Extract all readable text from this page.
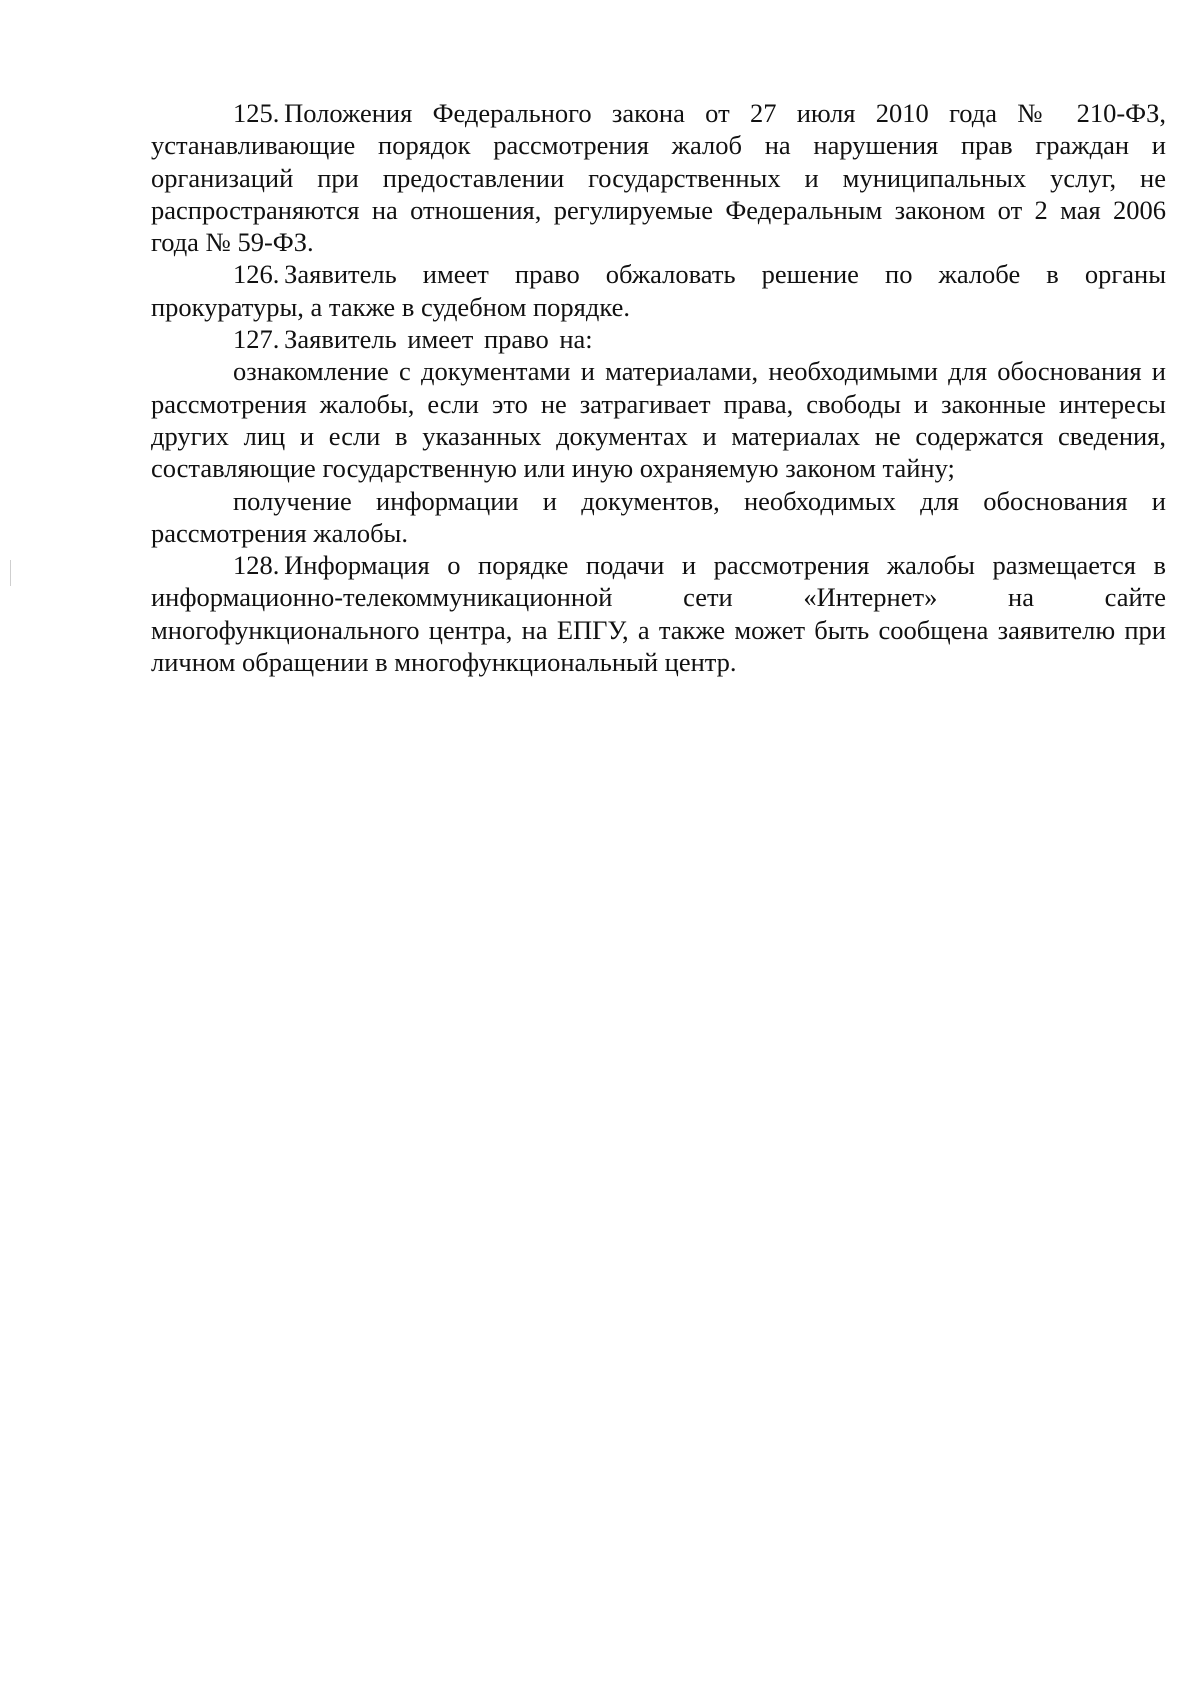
125. Положения Федерального закона от 27 июля 2010 года № 210-ФЗ, устанавливающие порядок рассмотрения жалоб на нарушения прав граждан и организаций при предоставлении государственных и муниципальных услуг, не распространяются на отношения, регулируемые Федеральным законом от 2 мая 2006 года № 59-ФЗ.

126. Заявитель имеет право обжаловать решение по жалобе в органы прокуратуры, а также в судебном порядке.

127. Заявитель имеет право на:

ознакомление с документами и материалами, необходимыми для обоснования и рассмотрения жалобы, если это не затрагивает права, свободы и законные интересы других лиц и если в указанных документах и материалах не содержатся сведения, составляющие государственную или иную охраняемую законом тайну;

получение информации и документов, необходимых для обоснования и рассмотрения жалобы.

128. Информация о порядке подачи и рассмотрения жалобы размещается в информационно-телекоммуникационной сети «Интернет» на сайте многофункционального центра, на ЕПГУ, а также может быть сообщена заявителю при личном обращении в многофункциональный центр.
